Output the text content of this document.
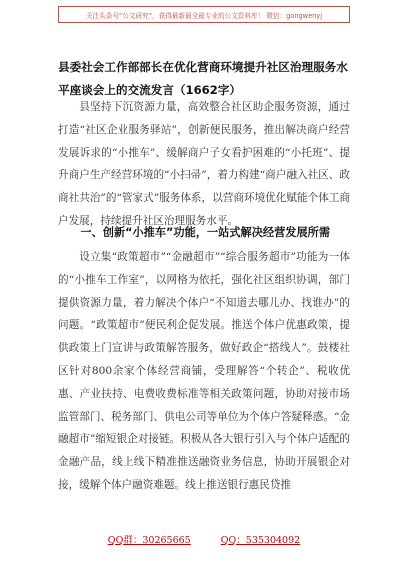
关注头条号“公文研究”，获得最新最全最专业的公文资料库！ 微信：gongwenyj
县委社会工作部部长在优化营商环境提升社区治理服务水平座谈会上的交流发言（1662字）

县坚持下沉资源力量，高效整合社区助企服务资源，通过打造“社区企业服务驿站”，创新便民服务，推出解决商户经营发展诉求的“小推车”、缓解商户子女看护困难的“小托班”、提升商户生产经营环境的“小扫帚”，着力构建“商户融入社区、政商社共治”的“管家式”服务体系，以营商环境优化赋能个体工商户发展，持续提升社区治理服务水平。

一、创新“小推车”功能，一站式解决经营发展所需

设立集“政策超市”“金融超市”“综合服务超市”功能为一体的“小推车工作室”，以网格为依托，强化社区组织协调，部门提供资源力量，着力解决个体户“不知道去哪儿办、找谁办”的问题。“政策超市”便民利企促发展。推送个体户优惠政策，提供政策上门宣讲与政策解答服务，做好政企“搭线人”。鼓楼社区针对800余家个体经营商铺，受理解答“个转企”、税收优惠、产业扶持、电费收费标准等相关政策问题，协助对接市场监管部门、税务部门、供电公司等单位为个体户答疑释惑。“金融超市”缩短银企对接链。积极从各大银行引入与个体户适配的金融产品，线上线下精准推送融资业务信息，协助开展银企对接，缓解个体户融资难题。线上推送银行惠民贷推

QQ群：30265665	QQ：535304092
